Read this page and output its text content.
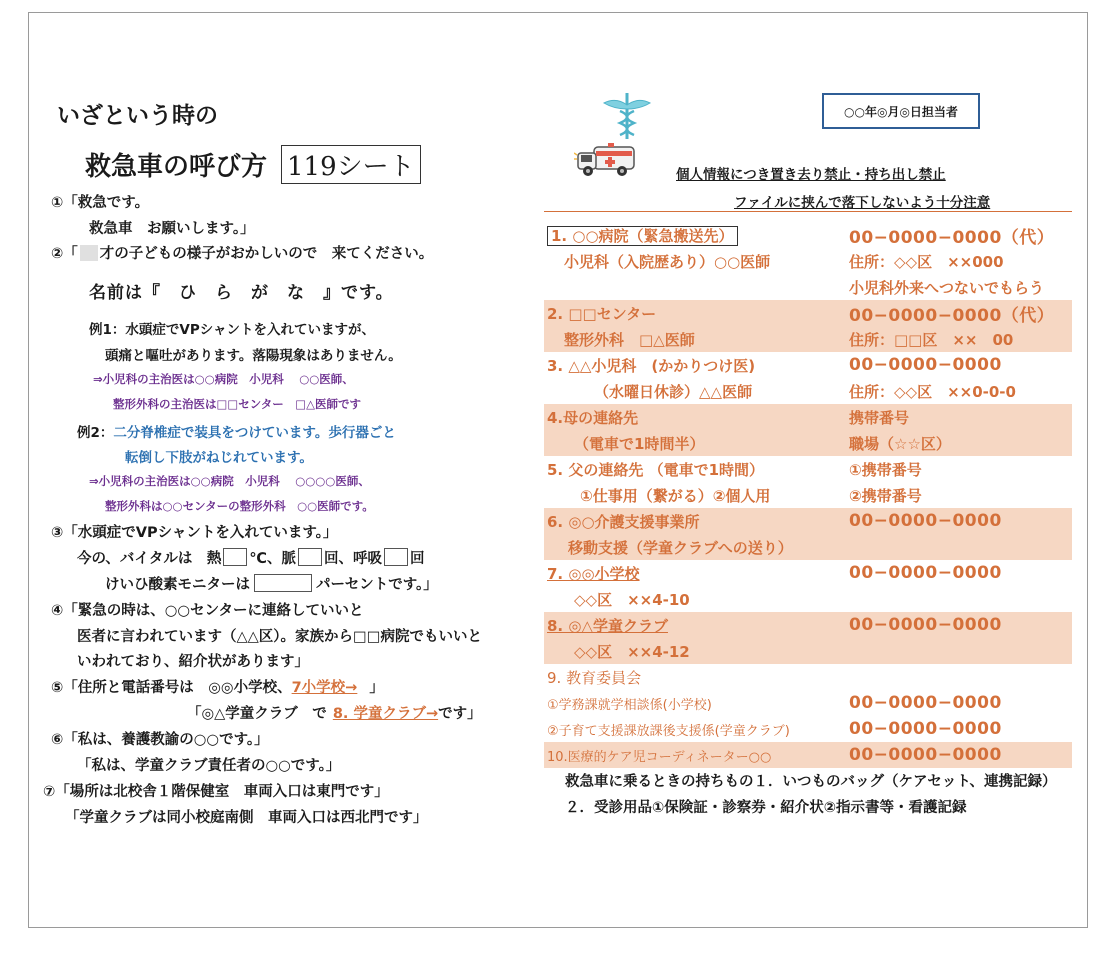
いざという時の
救急車の呼び方 119シート
①「救急です。
救急車　お願いします。」
②「 才の子どもの様子がおかしいので　来てください。
名前は『　ひ　ら　が　な　』です。
例1：水頭症でVPシャントを入れていますが、
頭痛と嘔吐があります。落陽現象はありません。
⇒小児科の主治医は○○病院　小児科　 ○○医師、
整形外科の主治医は□□センター　□△医師です
例2：二分脊椎症で装具をつけています。歩行器ごと
転倒し下肢がねじれています。
⇒小児科の主治医は○○病院　小児科　 ○○○○医師、
整形外科は○○センターの整形外科　○○医師です。
③「水頭症でVPシャントを入れています。」
今の、バイタルは　熱 ℃、脈 回、呼吸 回
けいひ酸素モニターは	パーセントです。」
④「緊急の時は、○○センターに連絡していいと
医者に言われています（△△区）。家族から□□病院でもいいと
いわれており、紹介状があります」
⑤「住所と電話番号は　◎◎小学校、7小学校→ 」
「◎△学童クラブ　で 8. 学童クラブ→です」
⑥「私は、養護教諭の○○です。」
「私は、学童クラブ責任者の○○です。」
⑦「場所は北校舎１階保健室　車両入口は東門です」
「学童クラブは同小校庭南側　車両入口は西北門です」
○○年◎月◎日担当者
個人情報につき置き去り禁止・持ち出し禁止
ファイルに挟んで落下しないよう十分注意
1. ○○病院（緊急搬送先）	00−0000−0000（代）
小児科（入院歴あり）○○医師	住所：◇◇区　××000
小児科外来へつないでもらう
2. □□センター	00−0000−0000（代）
整形外科　□△医師	住所：□□区　××　00
3. △△小児科　(かかりつけ医)	00−0000−0000
（水曜日休診）△△医師	住所：◇◇区　××0-0-0
4.母の連絡先	携帯番号
（電車で1時間半）	職場（☆☆区）
5. 父の連絡先 （電車で1時間）	①携帯番号
①仕事用（繋がる）②個人用	②携帯番号
6. ◎○介護支援事業所	00−0000−0000
移動支援（学童クラブへの送り）
7. ◎◎小学校	00−0000−0000
◇◇区　××4-10
8. ◎△学童クラブ	00−0000−0000
◇◇区　××4-12
9. 教育委員会
①学務課就学相談係(小学校)	00−0000−0000
②子育て支援課放課後支援係(学童クラブ)	00−0000−0000
10.医療的ケア児コーディネーター○○	00−0000−0000
救急車に乗るときの持ちもの１．いつものバッグ（ケアセット、連携記録）
２．受診用品①保険証・診察券・紹介状②指示書等・看護記録
